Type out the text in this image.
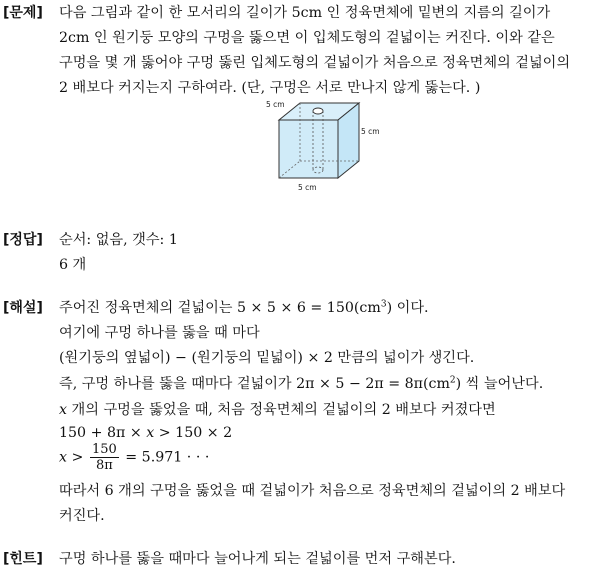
[문제] 다음 그림과 같이 한 모서리의 길이가 5cm 인 정육면체에 밑변의 지름의 길이가
2cm 인 원기둥 모양의 구멍을 뚫으면 이 입체도형의 겉넓이는 커진다. 이와 같은
구멍을 몇 개 뚫어야 구멍 뚫린 입체도형의 겉넓이가 처음으로 정육면체의 겉넓이의
2 배보다 커지는지 구하여라. (단, 구멍은 서로 만나지 않게 뚫는다. )
5 cm
5 cm
5 cm
[정답] 순서: 없음, 갯수: 1
6 개
[해설] 주어진 정육면체의 겉넓이는 $5 \times 5 \times 6 = 150(cm^3)$ 이다.
여기에 구멍 하나를 뚫을 때 마다
(원기둥의 옆넓이) − (원기둥의 밑넓이) × 2 만큼의 넓이가 생긴다.
즉, 구멍 하나를 뚫을 때마다 겉넓이가 $2\pi \times 5 - 2\pi = 8\pi(cm^2)$ 씩 늘어난다.
x 개의 구멍을 뚫었을 때, 처음 정육면체의 겉넓이의 2 배보다 커졌다면
150 + 8π × x > 150 × 2
$x > \frac{150}{8\pi} = 5.971$ · · ·
따라서 6 개의 구멍을 뚫었을 때 겉넓이가 처음으로 정육면체의 겉넓이의 2 배보다
커진다.
[힌트] 구멍 하나를 뚫을 때마다 늘어나게 되는 겉넓이를 먼저 구해본다.
